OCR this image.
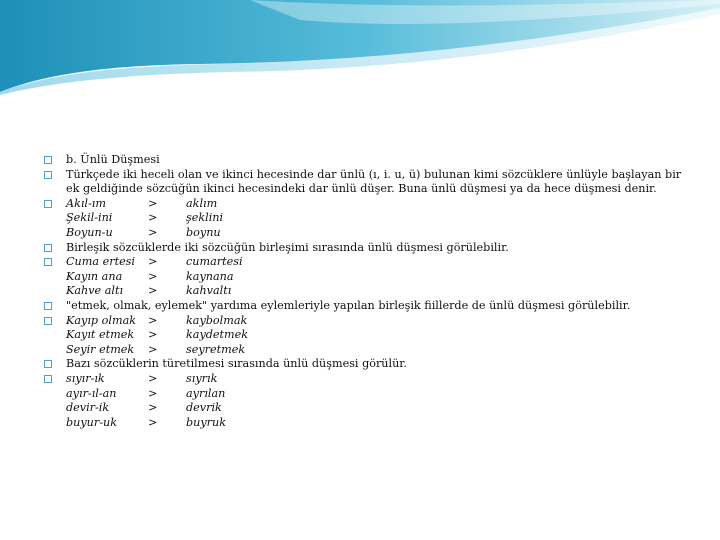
b. Ünlü Düşmesi
Türkçede iki heceli olan ve ikinci hecesinde dar ünlü (ı, i. u, ü) bulunan kimi sözcüklere ünlüyle başlayan bir ek geldiğinde sözcüğün ikinci hecesindeki dar ünlü düşer. Buna ünlü düşmesi ya da hece düşmesi denir.
Akıl-ım	>	aklım
Şekil-ini	>	şeklini
Boyun-u	>	boynu
Birleşik sözcüklerde iki sözcüğün birleşimi sırasında ünlü düşmesi görülebilir.
Cuma ertesi	>	cumartesi
Kayın ana	>	kaynana
Kahve altı	>	kahvaltı
"etmek, olmak, eylemek" yardıma eylemleriyle yapılan birleşik fiillerde de ünlü düşmesi görülebilir.
Kayıp olmak	>	kaybolmak
Kayıt etmek	>	kaydetmek
Seyir etmek	>	seyretmek
Bazı sözcüklerin türetilmesi sırasında ünlü düşmesi görülür.
sıyır-ık	>	sıyrık
ayır-ıl-an	>	ayrılan
devir-ik	>	devrik
buyur-uk	>	buyruk
